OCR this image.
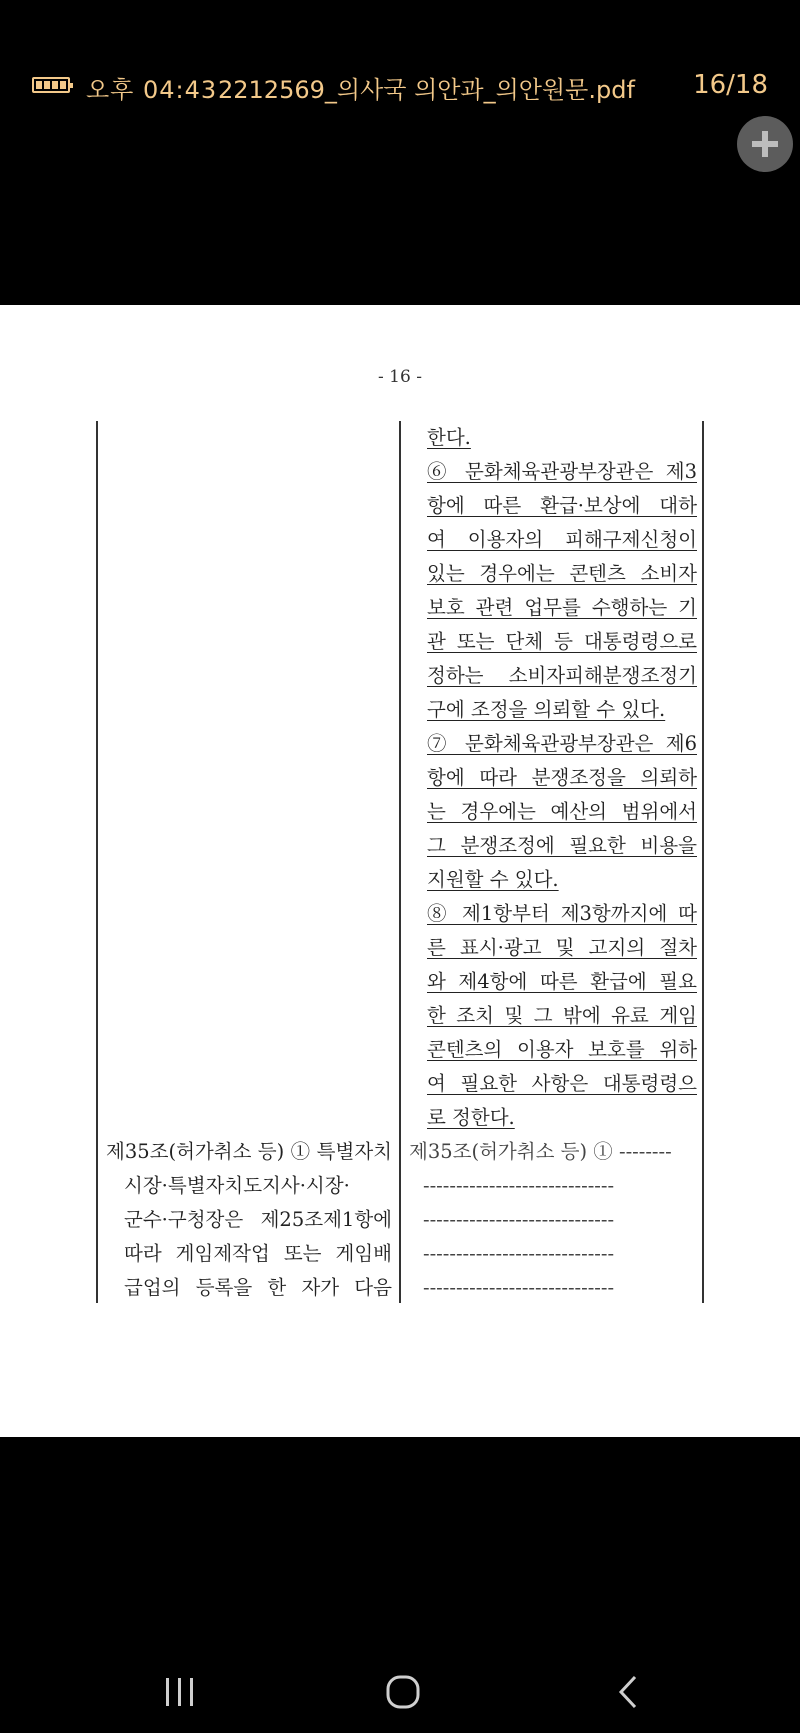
오후 04:43 2212569_의사국 의안과_의안원문.pdf 16/18
- 16 -
한다.
⑥ 문화체육관광부장관은 제3
항에 따른 환급·보상에 대하
여 이용자의 피해구제신청이
있는 경우에는 콘텐츠 소비자
보호 관련 업무를 수행하는 기
관 또는 단체 등 대통령령으로
정하는 소비자피해분쟁조정기
구에 조정을 의뢰할 수 있다.
⑦ 문화체육관광부장관은 제6
항에 따라 분쟁조정을 의뢰하
는 경우에는 예산의 범위에서
그 분쟁조정에 필요한 비용을
지원할 수 있다.
⑧ 제1항부터 제3항까지에 따
른 표시·광고 및 고지의 절차
와 제4항에 따른 환급에 필요
한 조치 및 그 밖에 유료 게임
콘텐츠의 이용자 보호를 위하
여 필요한 사항은 대통령령으
로 정한다.
제35조(허가취소 등) ① 특별자치
시장·특별자치도지사·시장·
군수·구청장은 제25조제1항에
따라 게임제작업 또는 게임배
급업의 등록을 한 자가 다음
제35조(허가취소 등) ① --------
-----------------------------
-----------------------------
-----------------------------
-----------------------------
